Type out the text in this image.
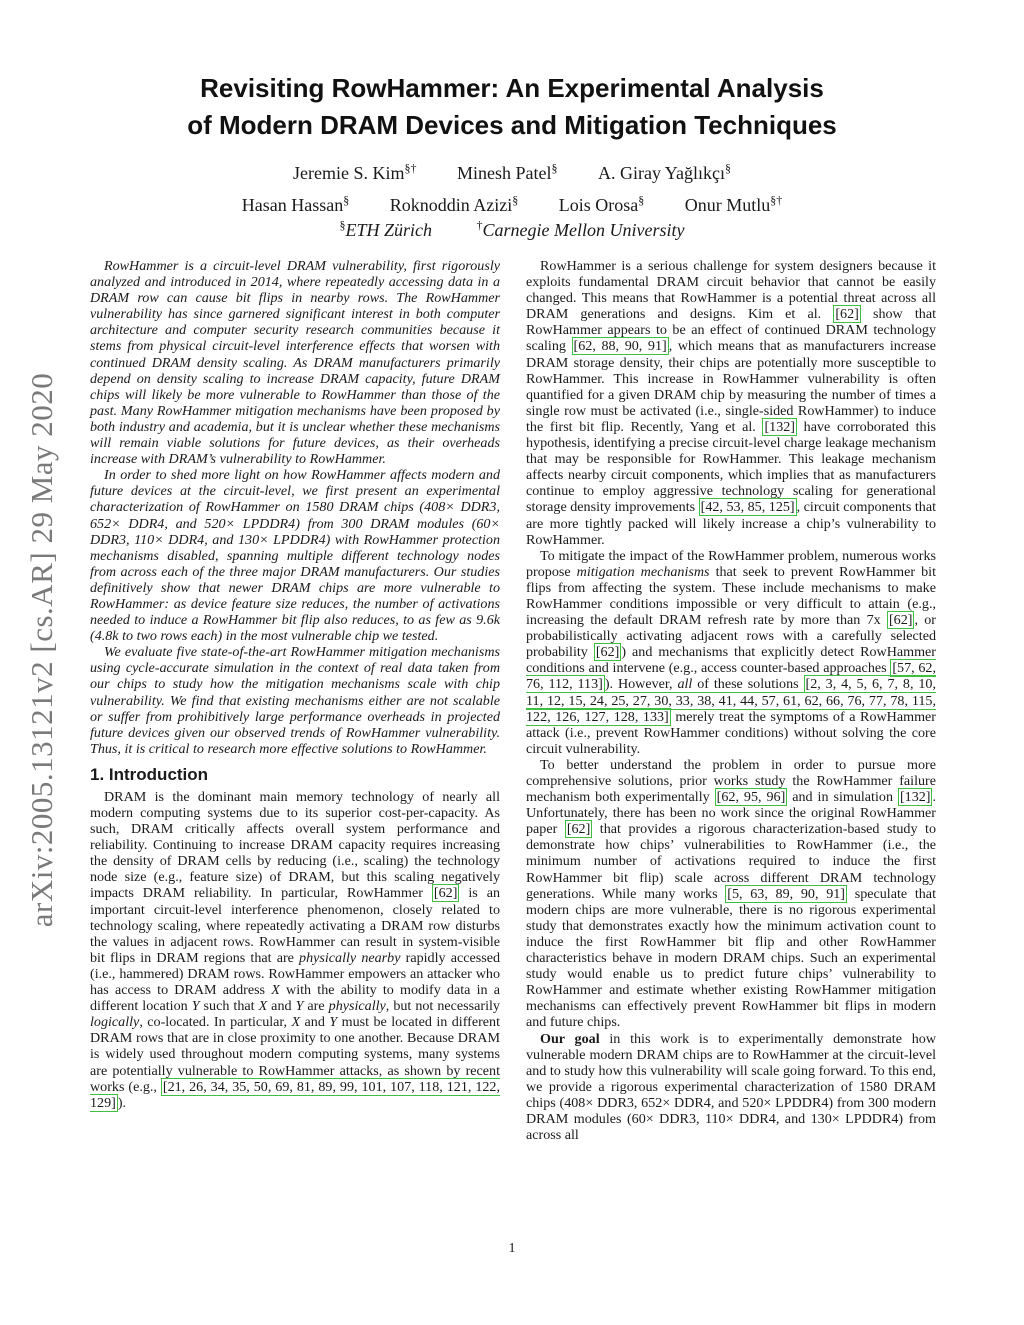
arXiv:2005.13121v2 [cs.AR] 29 May 2020
Revisiting RowHammer: An Experimental Analysis
of Modern DRAM Devices and Mitigation Techniques
Jeremie S. Kim§† Minesh Patel§ A. Giray Yağlıkçı§
Hasan Hassan§ Roknoddin Azizi§ Lois Orosa§ Onur Mutlu§†
§ETH Zürich	†Carnegie Mellon University

RowHammer is a circuit-level DRAM vulnerability, first rigorously analyzed and introduced in 2014, where repeatedly accessing data in a DRAM row can cause bit flips in nearby rows. The RowHammer vulnerability has since garnered significant interest in both computer architecture and computer security research communities because it stems from physical circuit-level interference effects that worsen with continued DRAM density scaling. As DRAM manufacturers primarily depend on density scaling to increase DRAM capacity, future DRAM chips will likely be more vulnerable to RowHammer than those of the past. Many RowHammer mitigation mechanisms have been proposed by both industry and academia, but it is unclear whether these mechanisms will remain viable solutions for future devices, as their overheads increase with DRAM’s vulnerability to RowHammer.

In order to shed more light on how RowHammer affects modern and future devices at the circuit-level, we first present an experimental characterization of RowHammer on 1580 DRAM chips (408× DDR3, 652× DDR4, and 520× LPDDR4) from 300 DRAM modules (60× DDR3, 110× DDR4, and 130× LPDDR4) with RowHammer protection mechanisms disabled, spanning multiple different technology nodes from across each of the three major DRAM manufacturers. Our studies definitively show that newer DRAM chips are more vulnerable to RowHammer: as device feature size reduces, the number of activations needed to induce a RowHammer bit flip also reduces, to as few as 9.6k (4.8k to two rows each) in the most vulnerable chip we tested.

We evaluate five state-of-the-art RowHammer mitigation mechanisms using cycle-accurate simulation in the context of real data taken from our chips to study how the mitigation mechanisms scale with chip vulnerability. We find that existing mechanisms either are not scalable or suffer from prohibitively large performance overheads in projected future devices given our observed trends of RowHammer vulnerability. Thus, it is critical to research more effective solutions to RowHammer.

1. Introduction

DRAM is the dominant main memory technology of nearly all modern computing systems due to its superior cost-per-capacity. As such, DRAM critically affects overall system performance and reliability. Continuing to increase DRAM capacity requires increasing the density of DRAM cells by reducing (i.e., scaling) the technology node size (e.g., feature size) of DRAM, but this scaling negatively impacts DRAM reliability. In particular, RowHammer [62] is an important circuit-level interference phenomenon, closely related to technology scaling, where repeatedly activating a DRAM row disturbs the values in adjacent rows. RowHammer can result in system-visible bit flips in DRAM regions that are physically nearby rapidly accessed (i.e., hammered) DRAM rows. RowHammer empowers an attacker who has access to DRAM address X with the ability to modify data in a different location Y such that X and Y are physically, but not necessarily logically, co-located. In particular, X and Y must be located in different DRAM rows that are in close proximity to one another. Because DRAM is widely used throughout modern computing systems, many systems are potentially vulnerable to RowHammer attacks, as shown by recent works (e.g., [21, 26, 34, 35, 50, 69, 81, 89, 99, 101, 107, 118, 121, 122, 129] ).

RowHammer is a serious challenge for system designers because it exploits fundamental DRAM circuit behavior that cannot be easily changed. This means that RowHammer is a potential threat across all DRAM generations and designs. Kim et al. [62] show that RowHammer appears to be an effect of continued DRAM technology scaling [62, 88, 90, 91] , which means that as manufacturers increase DRAM storage density, their chips are potentially more susceptible to RowHammer. This increase in RowHammer vulnerability is often quantified for a given DRAM chip by measuring the number of times a single row must be activated (i.e., single-sided RowHammer) to induce the first bit flip. Recently, Yang et al. [132] have corroborated this hypothesis, identifying a precise circuit-level charge leakage mechanism that may be responsible for RowHammer. This leakage mechanism affects nearby circuit components, which implies that as manufacturers continue to employ aggressive technology scaling for generational storage density improvements [42, 53, 85, 125] , circuit components that are more tightly packed will likely increase a chip’s vulnerability to RowHammer.

To mitigate the impact of the RowHammer problem, numerous works propose mitigation mechanisms that seek to prevent RowHammer bit flips from affecting the system. These include mechanisms to make RowHammer conditions impossible or very difficult to attain (e.g., increasing the default DRAM refresh rate by more than 7x [62] , or probabilistically activating adjacent rows with a carefully selected probability [62] ) and mechanisms that explicitly detect RowHammer conditions and intervene (e.g., access counter-based approaches [57, 62, 76, 112, 113] ). However, all of these solutions [2, 3, 4, 5, 6, 7, 8, 10, 11, 12, 15, 24, 25, 27, 30, 33, 38, 41, 44, 57, 61, 62, 66, 76, 77, 78, 115, 122, 126, 127, 128, 133] merely treat the symptoms of a RowHammer attack (i.e., prevent RowHammer conditions) without solving the core circuit vulnerability.

To better understand the problem in order to pursue more comprehensive solutions, prior works study the RowHammer failure mechanism both experimentally [62, 95, 96] and in simulation [132] . Unfortunately, there has been no work since the original RowHammer paper [62] that provides a rigorous characterization-based study to demonstrate how chips’ vulnerabilities to RowHammer (i.e., the minimum number of activations required to induce the first RowHammer bit flip) scale across different DRAM technology generations. While many works [5, 63, 89, 90, 91] speculate that modern chips are more vulnerable, there is no rigorous experimental study that demonstrates exactly how the minimum activation count to induce the first RowHammer bit flip and other RowHammer characteristics behave in modern DRAM chips. Such an experimental study would enable us to predict future chips’ vulnerability to RowHammer and estimate whether existing RowHammer mitigation mechanisms can effectively prevent RowHammer bit flips in modern and future chips.

Our goal in this work is to experimentally demonstrate how vulnerable modern DRAM chips are to RowHammer at the circuit-level and to study how this vulnerability will scale going forward. To this end, we provide a rigorous experimental characterization of 1580 DRAM chips (408× DDR3, 652× DDR4, and 520× LPDDR4) from 300 modern DRAM modules (60× DDR3, 110× DDR4, and 130× LPDDR4) from across all

1
